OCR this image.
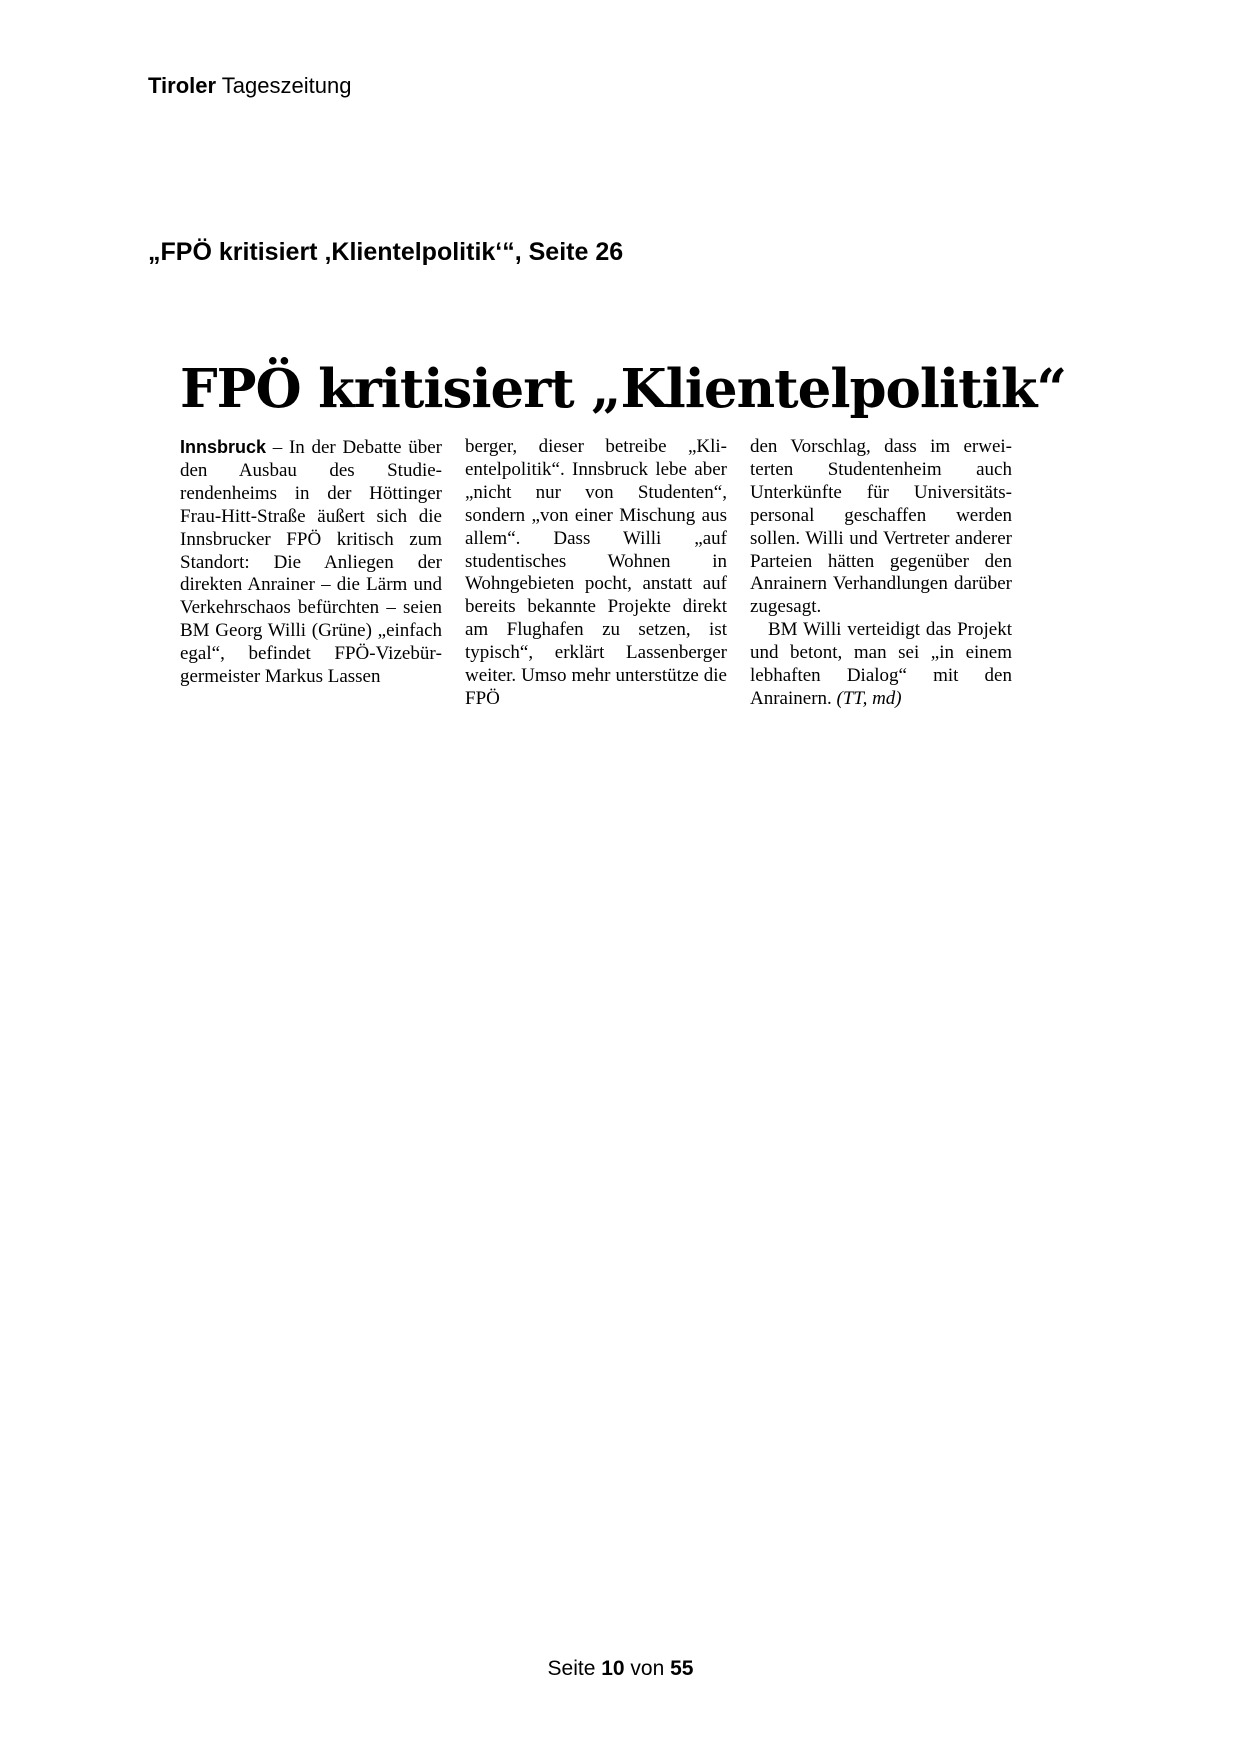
Tiroler Tageszeitung
„FPÖ kritisiert ‚Klientelpolitik‘“, Seite 26
FPÖ kritisiert „Klientelpolitik“

Innsbruck – In der Debatte über den Ausbau des Studierendenheims in der Höttinger Frau-Hitt-Straße äußert sich die Innsbrucker FPÖ kritisch zum Standort: Die Anliegen der direkten Anrainer – die Lärm und Verkehrschaos befürchten – seien BM Georg Willi (Grüne) „einfach egal“, befindet FPÖ-Vizebürgermeister Markus Lassen

berger, dieser betreibe „Klientelpolitik“. Innsbruck lebe aber „nicht nur von Studenten“, sondern „von einer Mischung aus allem“. Dass Willi „auf studentisches Wohnen in Wohngebieten pocht, anstatt auf bereits bekannte Projekte direkt am Flughafen zu setzen, ist typisch“, erklärt Lassenberger weiter. Umso mehr unterstütze die FPÖ

den Vorschlag, dass im erweiterten Studentenheim auch Unterkünfte für Universitätspersonal geschaffen werden sollen. Willi und Vertreter anderer Parteien hätten gegenüber den Anrainern Verhandlungen darüber zugesagt.

BM Willi verteidigt das Projekt und betont, man sei „in einem lebhaften Dialog“ mit den Anrainern. (TT, md)

Seite 10 von 55
